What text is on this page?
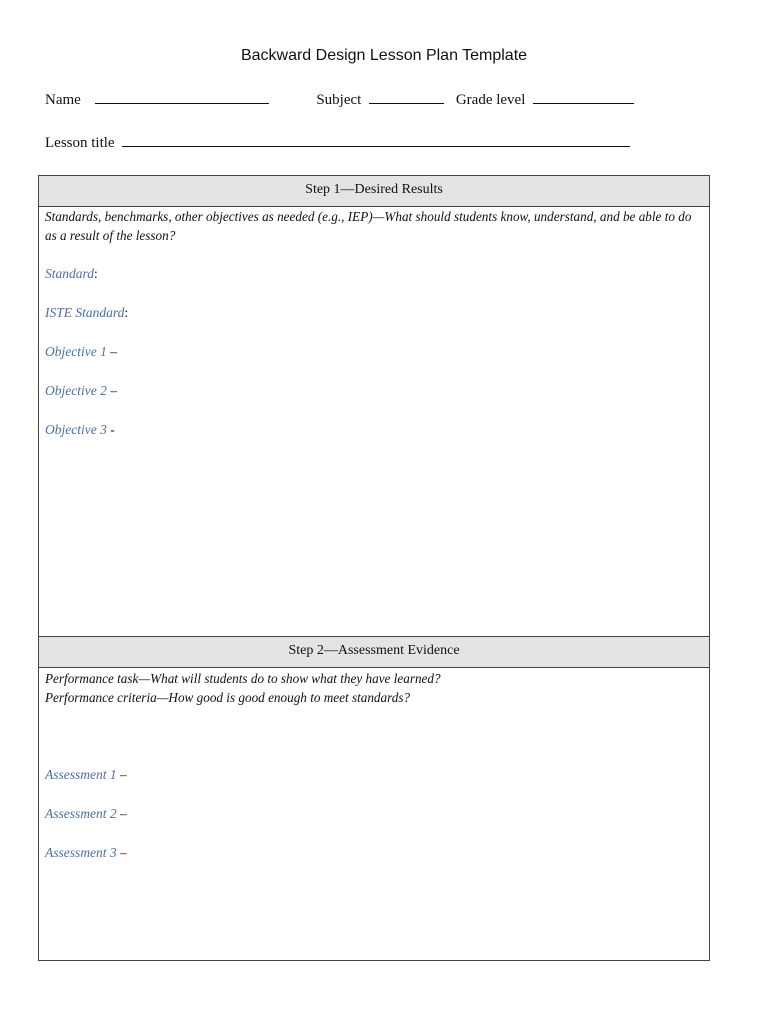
Backward Design Lesson Plan Template
Name	Subject	Grade level
Lesson title
Step 1—Desired Results
Standards, benchmarks, other objectives as needed (e.g., IEP)—What should students know, understand, and be able to do as a result of the lesson?
Standard:
ISTE Standard:
Objective 1 –
Objective 2 –
Objective 3 -
Step 2—Assessment Evidence
Performance task—What will students do to show what they have learned?
Performance criteria—How good is good enough to meet standards?
Assessment 1 –
Assessment 2 –
Assessment 3 –
